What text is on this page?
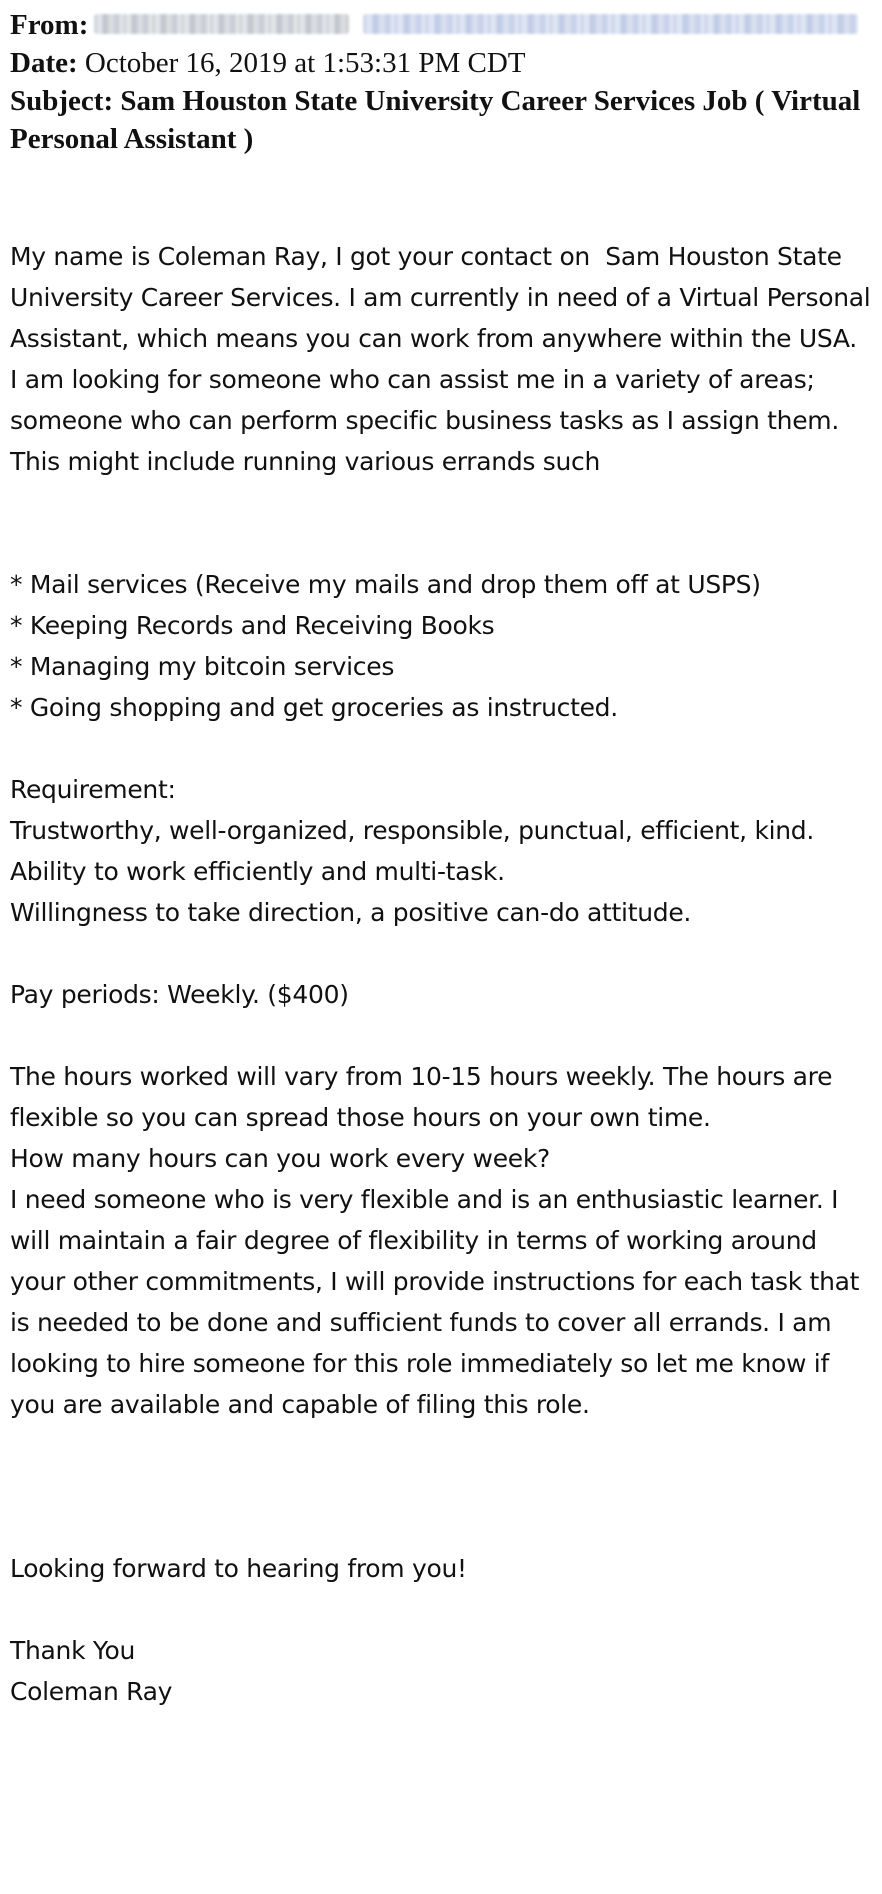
From:
Date: October 16, 2019 at 1:53:31 PM CDT
Subject: Sam Houston State University Career Services Job ( Virtual Personal Assistant )

My name is Coleman Ray, I got your contact on  Sam Houston State University Career Services. I am currently in need of a Virtual Personal Assistant, which means you can work from anywhere within the USA.  I am looking for someone who can assist me in a variety of areas; someone who can perform specific business tasks as I assign them. This might include running various errands such

* Mail services (Receive my mails and drop them off at USPS)

* Keeping Records and Receiving Books

* Managing my bitcoin services

* Going shopping and get groceries as instructed.

Requirement:

Trustworthy, well-organized, responsible, punctual, efficient, kind.

Ability to work efficiently and multi-task.

Willingness to take direction, a positive can-do attitude.

Pay periods: Weekly. ($400)

The hours worked will vary from 10-15 hours weekly. The hours are flexible so you can spread those hours on your own time.

How many hours can you work every week?

I need someone who is very flexible and is an enthusiastic learner. I will maintain a fair degree of flexibility in terms of working around your other commitments, I will provide instructions for each task that is needed to be done and sufficient funds to cover all errands. I am looking to hire someone for this role immediately so let me know if you are available and capable of filing this role.

Looking forward to hearing from you!

Thank You

Coleman Ray
